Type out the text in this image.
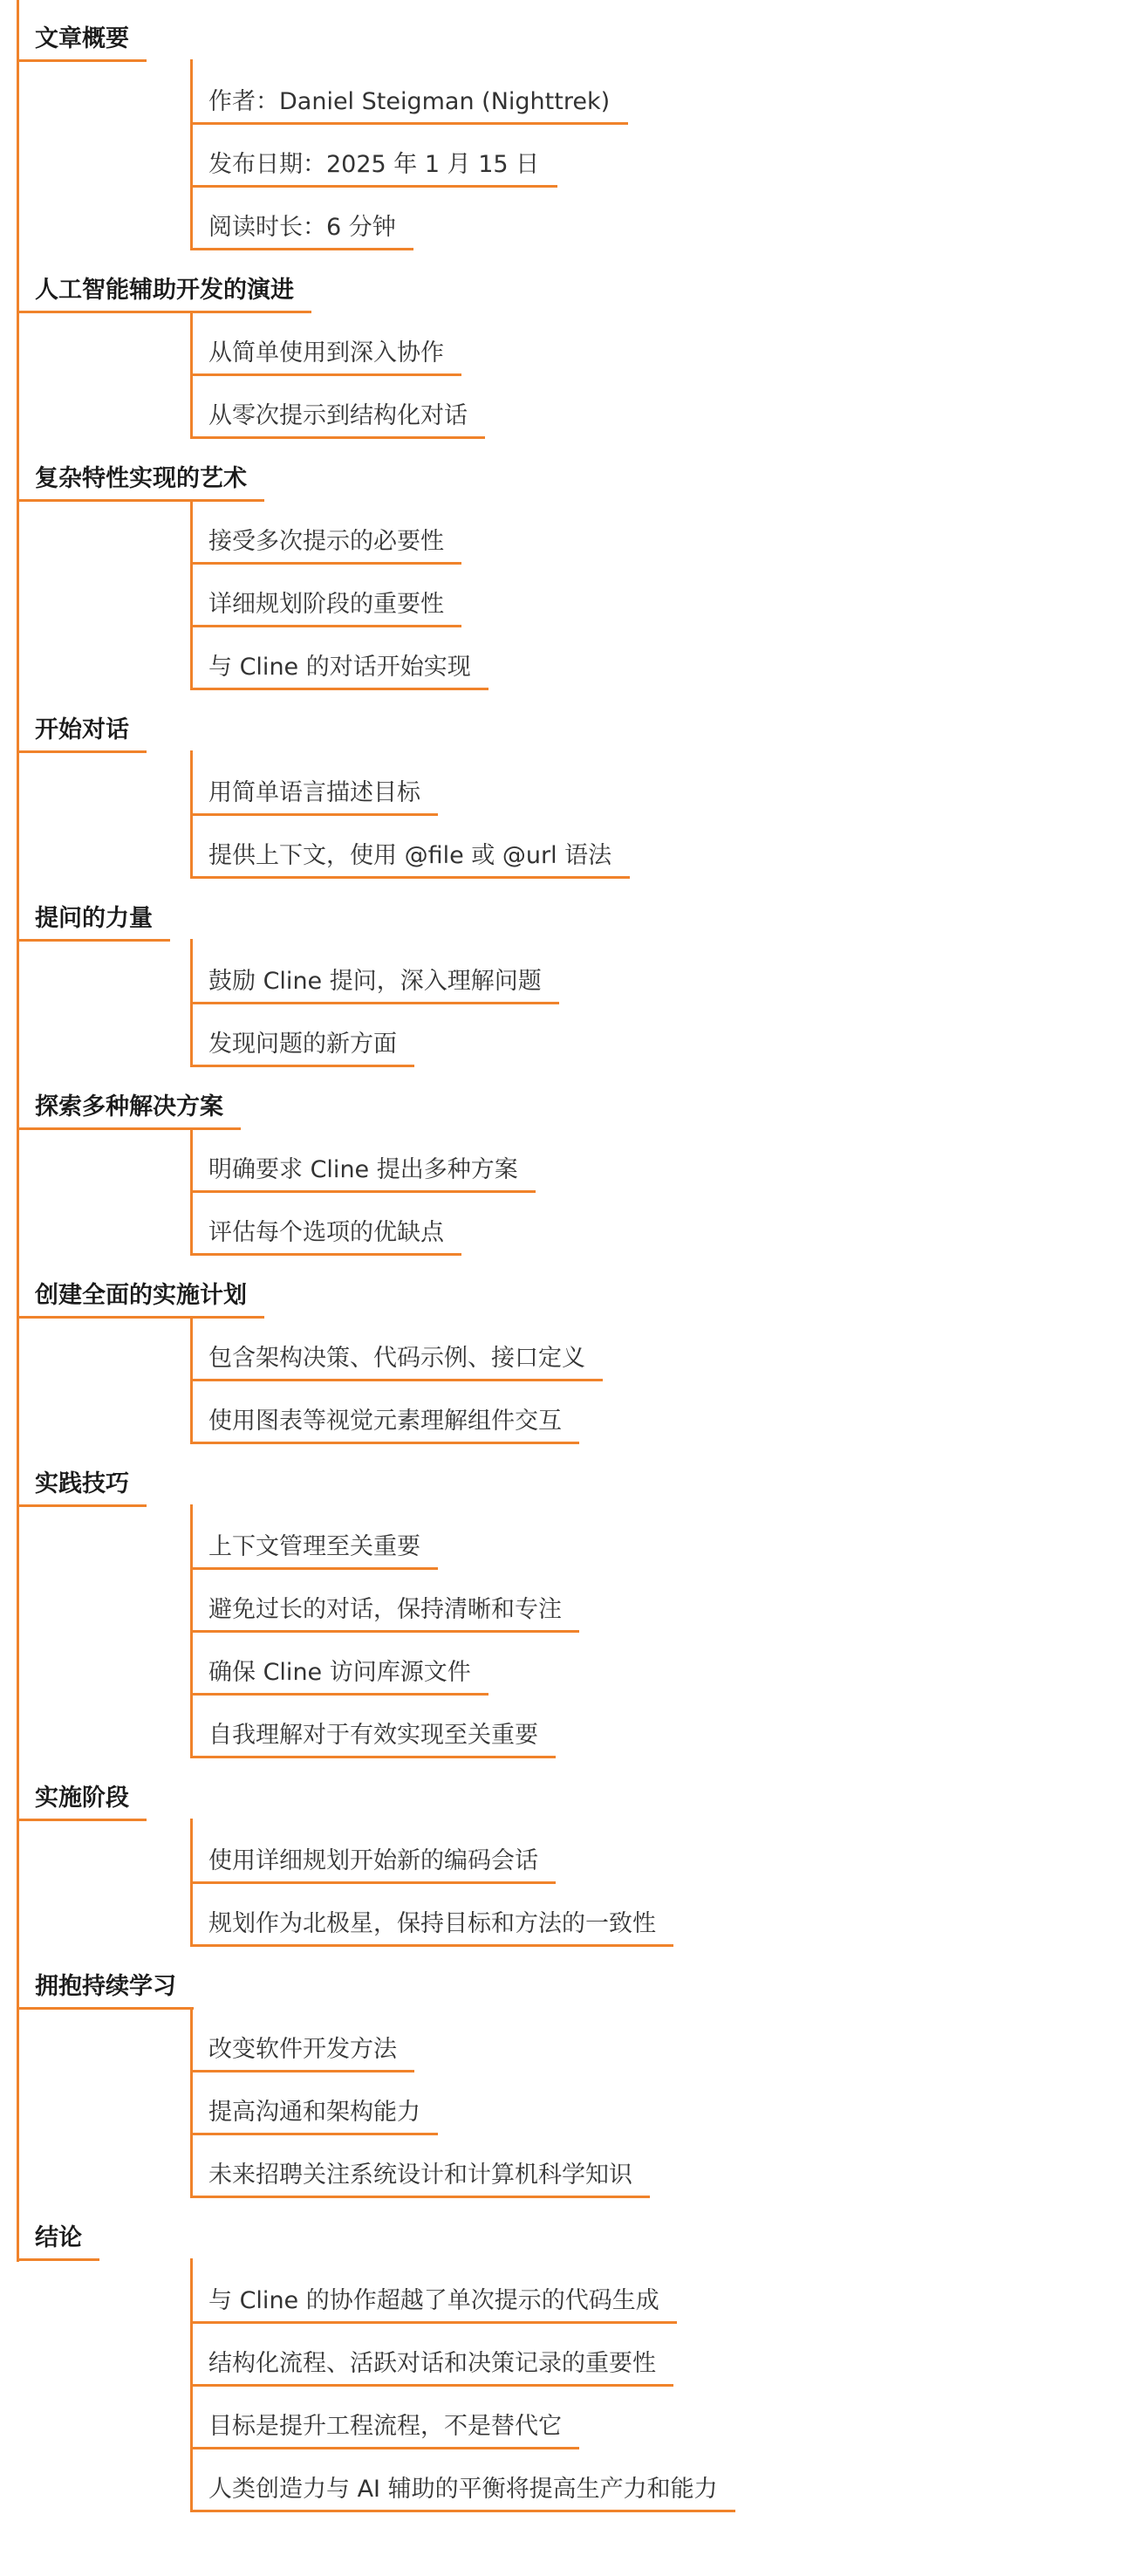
文章概要
作者：Daniel Steigman (Nighttrek)
发布日期：2025 年 1 月 15 日
阅读时长：6 分钟
人工智能辅助开发的演进
从简单使用到深入协作
从零次提示到结构化对话
复杂特性实现的艺术
接受多次提示的必要性
详细规划阶段的重要性
与 Cline 的对话开始实现
开始对话
用简单语言描述目标
提供上下文，使用 @file 或 @url 语法
提问的力量
鼓励 Cline 提问，深入理解问题
发现问题的新方面
探索多种解决方案
明确要求 Cline 提出多种方案
评估每个选项的优缺点
创建全面的实施计划
包含架构决策、代码示例、接口定义
使用图表等视觉元素理解组件交互
实践技巧
上下文管理至关重要
避免过长的对话，保持清晰和专注
确保 Cline 访问库源文件
自我理解对于有效实现至关重要
实施阶段
使用详细规划开始新的编码会话
规划作为北极星，保持目标和方法的一致性
拥抱持续学习
改变软件开发方法
提高沟通和架构能力
未来招聘关注系统设计和计算机科学知识
结论
与 Cline 的协作超越了单次提示的代码生成
结构化流程、活跃对话和决策记录的重要性
目标是提升工程流程，不是替代它
人类创造力与 AI 辅助的平衡将提高生产力和能力
